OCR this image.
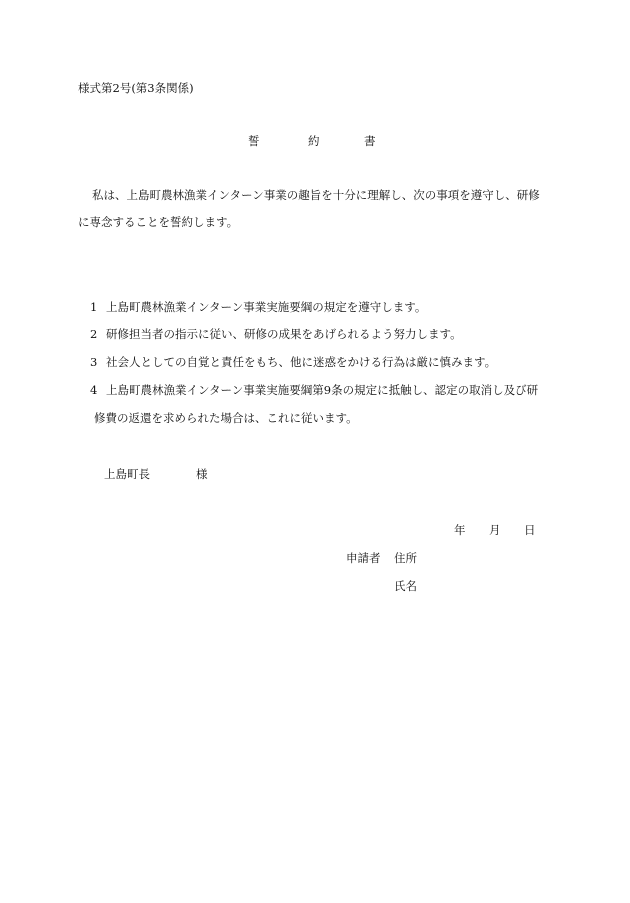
様式第2号(第3条関係)
誓	約	書
私は、上島町農林漁業インターン事業の趣旨を十分に理解し、次の事項を遵守し、研修
に専念することを誓約します。
1 上島町農林漁業インターン事業実施要綱の規定を遵守します。
2 研修担当者の指示に従い、研修の成果をあげられるよう努力します。
3 社会人としての自覚と責任をもち、他に迷惑をかける行為は厳に慎みます。
4 上島町農林漁業インターン事業実施要綱第9条の規定に抵触し、認定の取消し及び研
修費の返還を求められた場合は、これに従います。
上島町長	様
年 月 日
申請者 住所
氏名
